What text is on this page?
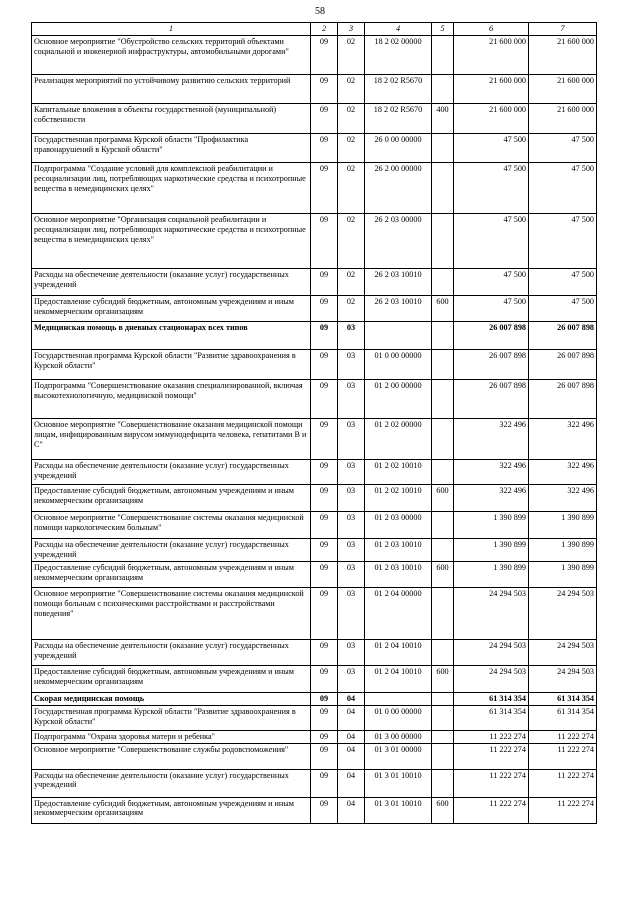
58
1	2	3	4	5	6	7
Основное мероприятие "Обустройство сельских территорий объектами социальной и инженерной инфраструктуры, автомобильными дорогами"	09	02	18 2 02 00000		21 600 000	21 600 000
Реализация мероприятий по устойчивому развитию сельских территорий	09	02	18 2 02 R5670		21 600 000	21 600 000
Капитальные вложения в объекты государственной (муниципальной) собственности	09	02	18 2 02 R5670	400	21 600 000	21 600 000
Государственная программа Курской области "Профилактика правонарушений в Курской области"	09	02	26 0 00 00000		47 500	47 500
Подпрограмма "Создание условий для комплексной реабилитации и ресоциализации лиц, потребляющих наркотические средства и психотропные вещества в немедицинских целях"	09	02	26 2 00 00000		47 500	47 500
Основное мероприятие "Организация социальной реабилитации и ресоциализации лиц, потребляющих наркотические средства и психотропные вещества в немедицинских целях"	09	02	26 2 03 00000		47 500	47 500
Расходы на обеспечение деятельности (оказание услуг) государственных учреждений	09	02	26 2 03 10010		47 500	47 500
Предоставление субсидий бюджетным, автономным учреждениям и иным некоммерческим организациям	09	02	26 2 03 10010	600	47 500	47 500
Медицинская помощь в дневных стационарах всех типов	09	03			26 007 898	26 007 898
Государственная программа Курской области "Развитие здравоохранения в Курской области"	09	03	01 0 00 00000		26 007 898	26 007 898
Подпрограмма "Совершенствование оказания специализированной, включая высокотехнологичную, медицинской помощи"	09	03	01 2 00 00000		26 007 898	26 007 898
Основное мероприятие "Совершенствование оказания медицинской помощи лицам, инфицированным вирусом иммунодефицита человека, гепатитами В и С"	09	03	01 2 02 00000		322 496	322 496
Расходы на обеспечение деятельности (оказание услуг) государственных учреждений	09	03	01 2 02 10010		322 496	322 496
Предоставление субсидий бюджетным, автономным учреждениям и иным некоммерческим организациям	09	03	01 2 02 10010	600	322 496	322 496
Основное мероприятие "Совершенствование системы оказания медицинской помощи наркологическим больным"	09	03	01 2 03 00000		1 390 899	1 390 899
Расходы на обеспечение деятельности (оказание услуг) государственных учреждений	09	03	01 2 03 10010		1 390 899	1 390 899
Предоставление субсидий бюджетным, автономным учреждениям и иным некоммерческим организациям	09	03	01 2 03 10010	600	1 390 899	1 390 899
Основное мероприятие "Совершенствование системы оказания медицинской помощи больным с психическими расстройствами и расстройствами поведения"	09	03	01 2 04 00000		24 294 503	24 294 503
Расходы на обеспечение деятельности (оказание услуг) государственных учреждений	09	03	01 2 04 10010		24 294 503	24 294 503
Предоставление субсидий бюджетным, автономным учреждениям и иным некоммерческим организациям	09	03	01 2 04 10010	600	24 294 503	24 294 503
Скорая медицинская помощь	09	04			61 314 354	61 314 354
Государственная программа Курской области "Развитие здравоохранения в Курской области"	09	04	01 0 00 00000		61 314 354	61 314 354
Подпрограмма "Охрана здоровья матери и ребенка"	09	04	01 3 00 00000		11 222 274	11 222 274
Основное мероприятие "Совершенствование службы родовспоможения"	09	04	01 3 01 00000		11 222 274	11 222 274
Расходы на обеспечение деятельности (оказание услуг) государственных учреждений	09	04	01 3 01 10010		11 222 274	11 222 274
Предоставление субсидий бюджетным, автономным учреждениям и иным некоммерческим организациям	09	04	01 3 01 10010	600	11 222 274	11 222 274
